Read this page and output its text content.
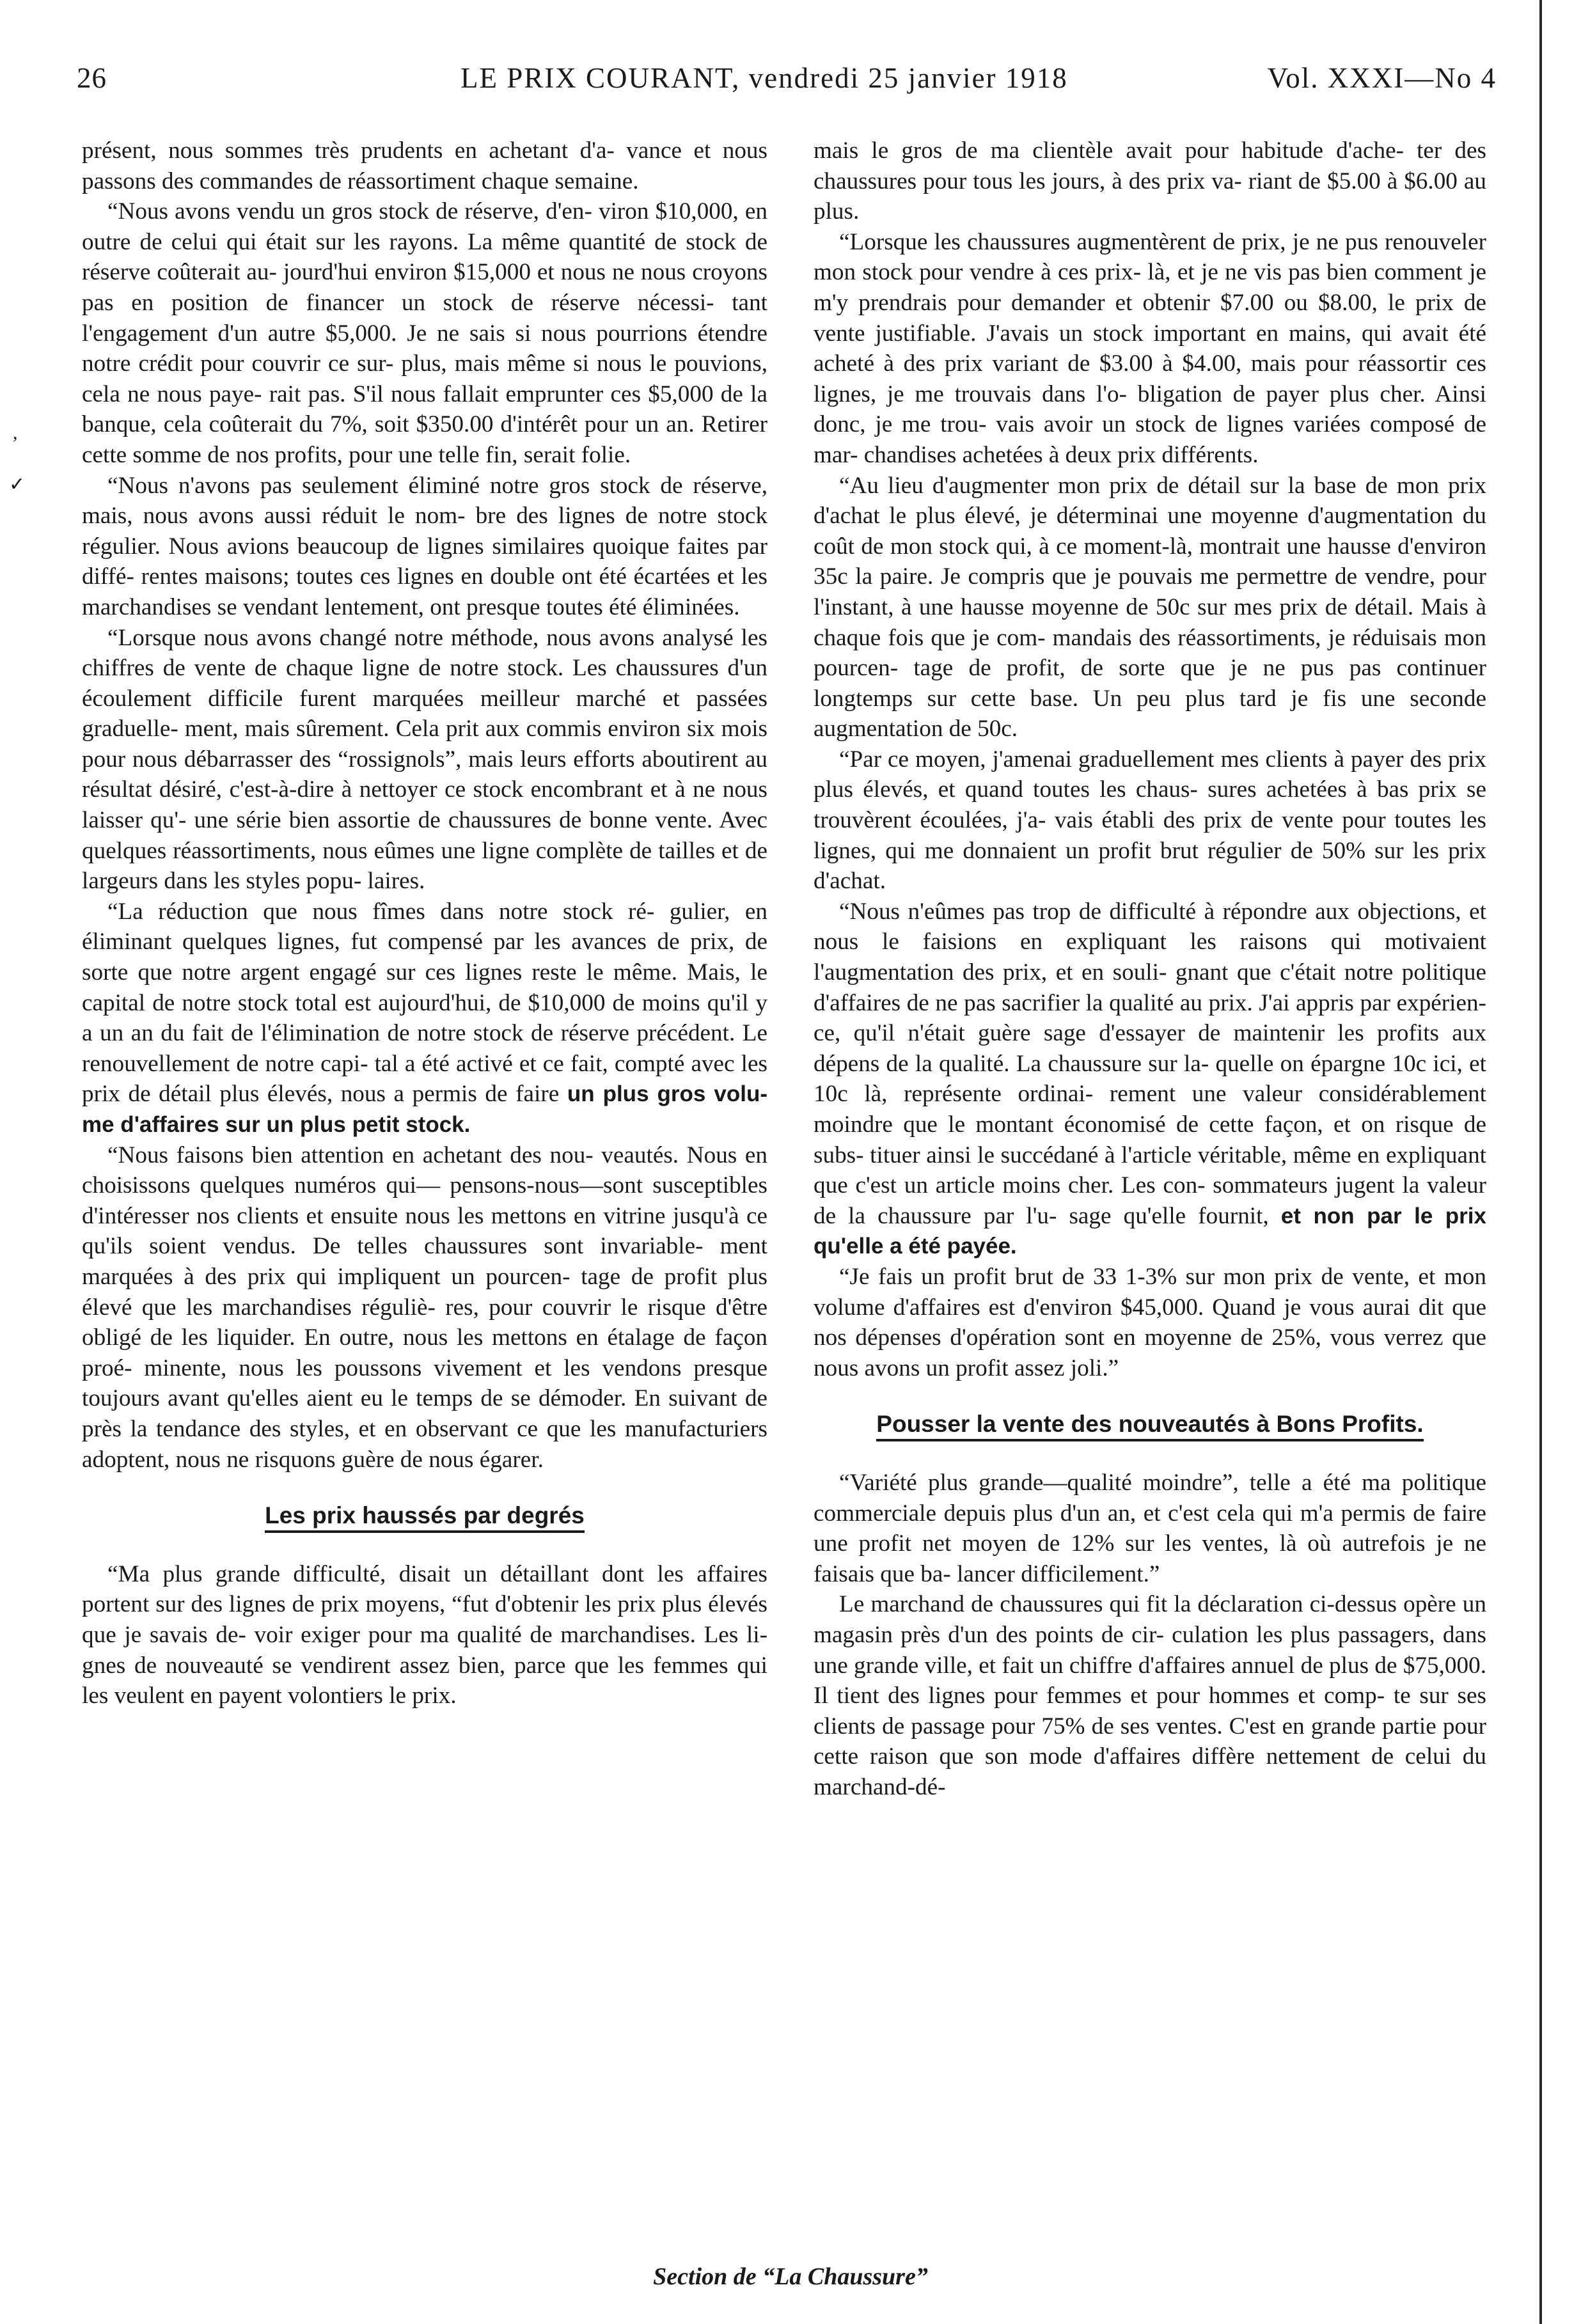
26	LE PRIX COURANT, vendredi 25 janvier 1918	Vol. XXXI—No 4

présent, nous sommes très prudents en achetant d'a- vance et nous passons des commandes de réassortiment chaque semaine.

“Nous avons vendu un gros stock de réserve, d'en- viron $10,000, en outre de celui qui était sur les rayons. La même quantité de stock de réserve coûterait au- jourd'hui environ $15,000 et nous ne nous croyons pas en position de financer un stock de réserve nécessi- tant l'engagement d'un autre $5,000. Je ne sais si nous pourrions étendre notre crédit pour couvrir ce sur- plus, mais même si nous le pouvions, cela ne nous paye- rait pas. S'il nous fallait emprunter ces $5,000 de la banque, cela coûterait du 7%, soit $350.00 d'intérêt pour un an. Retirer cette somme de nos profits, pour une telle fin, serait folie.

“Nous n'avons pas seulement éliminé notre gros stock de réserve, mais, nous avons aussi réduit le nom- bre des lignes de notre stock régulier. Nous avions beaucoup de lignes similaires quoique faites par diffé- rentes maisons; toutes ces lignes en double ont été écartées et les marchandises se vendant lentement, ont presque toutes été éliminées.

“Lorsque nous avons changé notre méthode, nous avons analysé les chiffres de vente de chaque ligne de notre stock. Les chaussures d'un écoulement difficile furent marquées meilleur marché et passées graduelle- ment, mais sûrement. Cela prit aux commis environ six mois pour nous débarrasser des “rossignols”, mais leurs efforts aboutirent au résultat désiré, c'est-à-dire à nettoyer ce stock encombrant et à ne nous laisser qu'- une série bien assortie de chaussures de bonne vente. Avec quelques réassortiments, nous eûmes une ligne complète de tailles et de largeurs dans les styles popu- laires.

“La réduction que nous fîmes dans notre stock ré- gulier, en éliminant quelques lignes, fut compensé par les avances de prix, de sorte que notre argent engagé sur ces lignes reste le même. Mais, le capital de notre stock total est aujourd'hui, de $10,000 de moins qu'il y a un an du fait de l'élimination de notre stock de réserve précédent. Le renouvellement de notre capi- tal a été activé et ce fait, compté avec les prix de détail plus élevés, nous a permis de faire un plus gros volu- me d'affaires sur un plus petit stock.

“Nous faisons bien attention en achetant des nou- veautés. Nous en choisissons quelques numéros qui— pensons-nous—sont susceptibles d'intéresser nos clients et ensuite nous les mettons en vitrine jusqu'à ce qu'ils soient vendus. De telles chaussures sont invariable- ment marquées à des prix qui impliquent un pourcen- tage de profit plus élevé que les marchandises réguliè- res, pour couvrir le risque d'être obligé de les liquider. En outre, nous les mettons en étalage de façon proé- minente, nous les poussons vivement et les vendons presque toujours avant qu'elles aient eu le temps de se démoder. En suivant de près la tendance des styles, et en observant ce que les manufacturiers adoptent, nous ne risquons guère de nous égarer.

Les prix haussés par degrés

“Ma plus grande difficulté, disait un détaillant dont les affaires portent sur des lignes de prix moyens, “fut d'obtenir les prix plus élevés que je savais de- voir exiger pour ma qualité de marchandises. Les li- gnes de nouveauté se vendirent assez bien, parce que les femmes qui les veulent en payent volontiers le prix.

mais le gros de ma clientèle avait pour habitude d'ache- ter des chaussures pour tous les jours, à des prix va- riant de $5.00 à $6.00 au plus.

“Lorsque les chaussures augmentèrent de prix, je ne pus renouveler mon stock pour vendre à ces prix- là, et je ne vis pas bien comment je m'y prendrais pour demander et obtenir $7.00 ou $8.00, le prix de vente justifiable. J'avais un stock important en mains, qui avait été acheté à des prix variant de $3.00 à $4.00, mais pour réassortir ces lignes, je me trouvais dans l'o- bligation de payer plus cher. Ainsi donc, je me trou- vais avoir un stock de lignes variées composé de mar- chandises achetées à deux prix différents.

“Au lieu d'augmenter mon prix de détail sur la base de mon prix d'achat le plus élevé, je déterminai une moyenne d'augmentation du coût de mon stock qui, à ce moment-là, montrait une hausse d'environ 35c la paire. Je compris que je pouvais me permettre de vendre, pour l'instant, à une hausse moyenne de 50c sur mes prix de détail. Mais à chaque fois que je com- mandais des réassortiments, je réduisais mon pourcen- tage de profit, de sorte que je ne pus pas continuer longtemps sur cette base. Un peu plus tard je fis une seconde augmentation de 50c.

“Par ce moyen, j'amenai graduellement mes clients à payer des prix plus élevés, et quand toutes les chaus- sures achetées à bas prix se trouvèrent écoulées, j'a- vais établi des prix de vente pour toutes les lignes, qui me donnaient un profit brut régulier de 50% sur les prix d'achat.

“Nous n'eûmes pas trop de difficulté à répondre aux objections, et nous le faisions en expliquant les raisons qui motivaient l'augmentation des prix, et en souli- gnant que c'était notre politique d'affaires de ne pas sacrifier la qualité au prix. J'ai appris par expérien- ce, qu'il n'était guère sage d'essayer de maintenir les profits aux dépens de la qualité. La chaussure sur la- quelle on épargne 10c ici, et 10c là, représente ordinai- rement une valeur considérablement moindre que le montant économisé de cette façon, et on risque de subs- tituer ainsi le succédané à l'article véritable, même en expliquant que c'est un article moins cher. Les con- sommateurs jugent la valeur de la chaussure par l'u- sage qu'elle fournit, et non par le prix qu'elle a été payée.

“Je fais un profit brut de 33 1-3% sur mon prix de vente, et mon volume d'affaires est d'environ $45,000. Quand je vous aurai dit que nos dépenses d'opération sont en moyenne de 25%, vous verrez que nous avons un profit assez joli.”

Pousser la vente des nouveautés à Bons Profits.

“Variété plus grande—qualité moindre”, telle a été ma politique commerciale depuis plus d'un an, et c'est cela qui m'a permis de faire une profit net moyen de 12% sur les ventes, là où autrefois je ne faisais que ba- lancer difficilement.”

Le marchand de chaussures qui fit la déclaration ci-dessus opère un magasin près d'un des points de cir- culation les plus passagers, dans une grande ville, et fait un chiffre d'affaires annuel de plus de $75,000. Il tient des lignes pour femmes et pour hommes et comp- te sur ses clients de passage pour 75% de ses ventes. C'est en grande partie pour cette raison que son mode d'affaires diffère nettement de celui du marchand-dé-

Section de “La Chaussure”
,
✓
